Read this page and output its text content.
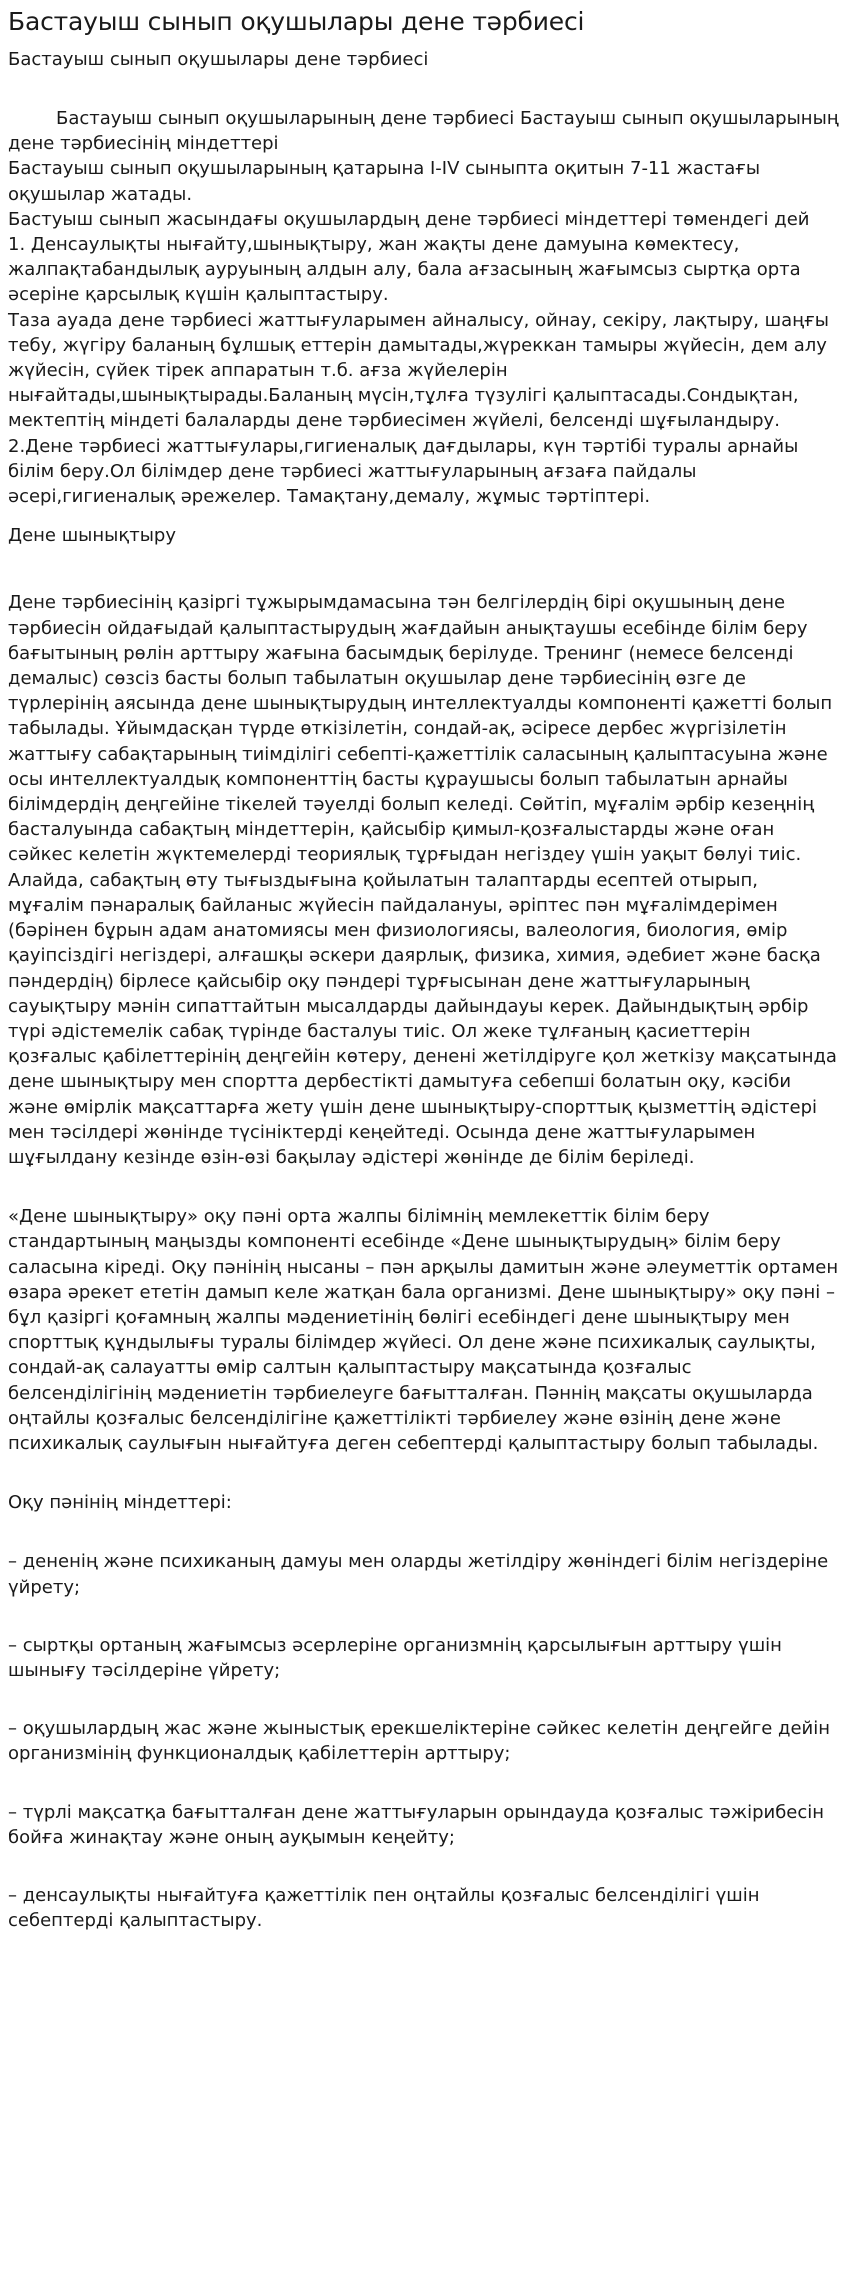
Бастауыш сынып оқушылары дене тәрбиесі
Бастауыш сынып оқушылары дене тәрбиесі

Бастауыш сынып оқушыларының дене тәрбиесі Бастауыш сынып оқушыларының дене тәрбиесінің міндеттері

Бастауыш сынып оқушыларының қатарына I-IV сыныпта оқитын 7-11 жастағы оқушылар жатады.
Бастуыш сынып жасындағы оқушылардың дене тәрбиесі міндеттері төмендегі дей
1. Денсаулықты нығайту,шынықтыру, жан жақты дене дамуына көмектесу, жалпақтабандылық ауруының алдын алу, бала ағзасының жағымсыз сыртқа орта әсеріне қарсылық күшін қалыптастыру.
Таза ауада дене тәрбиесі жаттығуларымен айналысу, ойнау, секіру, лақтыру, шаңғы тебу, жүгіру баланың бұлшық еттерін дамытады,жүреккан тамыры жүйесін, дем алу жүйесін, сүйек тірек аппаратын т.б. ағза жүйелерін нығайтады,шынықтырады.Баланың мүсін,тұлға түзулігі қалыптасады.Сондықтан, мектептің міндеті балаларды дене тәрбиесімен жүйелі, белсенді шұғыландыру.
2.Дене тәрбиесі жаттығулары,гигиеналық дағдылары, күн тәртібі туралы арнайы білім беру.Ол білімдер дене тәрбиесі жаттығуларының ағзаға пайдалы әсері,гигиеналық әрежелер. Тамақтану,демалу, жұмыс тәртіптері.
Дене шынықтыру

Дене тәрбиесінің қазіргі тұжырымдамасына тән белгілердің бірі оқушының дене тәрбиесін ойдағыдай қалыптастырудың жағдайын анықтаушы есебінде білім беру бағытының рөлін арттыру жағына басымдық берілуде. Тренинг (немесе белсенді демалыс) сөзсіз басты болып табылатын оқушылар дене тәрбиесінің өзге де түрлерінің аясында дене шынықтырудың интеллектуалды компоненті қажетті болып табылады. Ұйымдасқан түрде өткізілетін, сондай-ақ, әсіресе дербес жүргізілетін жаттығу сабақтарының тиімділігі себепті-қажеттілік саласының қалыптасуына және осы интеллектуалдық компоненттің басты құраушысы болып табылатын арнайы білімдердің деңгейіне тікелей тәуелді болып келеді. Сөйтіп, мұғалім әрбір кезеңнің басталуында сабақтың міндеттерін, қайсыбір қимыл-қозғалыстарды және оған сәйкес келетін жүктемелерді теориялық тұрғыдан негіздеу үшін уақыт бөлуі тиіс. Алайда, сабақтың өту тығыздығына қойылатын талаптарды есептей отырып, мұғалім пәнаралық байланыс жүйесін пайдалануы, әріптес пән мұғалімдерімен (бәрінен бұрын адам анатомиясы мен физиологиясы, валеология, биология, өмір қауіпсіздігі негіздері, алғашқы әскери даярлық, физика, химия, әдебиет және басқа пәндердің) бірлесе қайсыбір оқу пәндері тұрғысынан дене жаттығуларының сауықтыру мәнін сипаттайтын мысалдарды дайындауы керек. Дайындықтың әрбір түрі әдістемелік сабақ түрінде басталуы тиіс. Ол жеке тұлғаның қасиеттерін қозғалыс қабілеттерінің деңгейін көтеру, денені жетілдіруге қол жеткізу мақсатында дене шынықтыру мен спортта дербестікті дамытуға себепші болатын оқу, кәсіби және өмірлік мақсаттарға жету үшін дене шынықтыру-спорттық қызметтің әдістері мен тәсілдері жөнінде түсініктерді кеңейтеді. Осында дене жаттығуларымен шұғылдану кезінде өзін-өзі бақылау әдістері жөнінде де білім беріледі.

«Дене шынықтыру» оқу пәні орта жалпы білімнің мемлекеттік білім беру стандартының маңызды компоненті есебінде «Дене шынықтырудың» білім беру саласына кіреді. Оқу пәнінің нысаны – пән арқылы дамитын және әлеуметтік ортамен өзара әрекет ететін дамып келе жатқан бала организмі. Дене шынықтыру» оқу пәні –бұл қазіргі қоғамның жалпы мәдениетінің бөлігі есебіндегі дене шынықтыру мен спорттық құндылығы туралы білімдер жүйесі. Ол дене және психикалық саулықты, сондай-ақ салауатты өмір салтын қалыптастыру мақсатында қозғалыс белсенділігінің мәдениетін тәрбиелеуге бағытталған. Пәннің мақсаты оқушыларда оңтайлы қозғалыс белсенділігіне қажеттілікті тәрбиелеу және өзінің дене және психикалық саулығын нығайтуға деген себептерді қалыптастыру болып табылады.

Оқу пәнінің міндеттері:

– дененің және психиканың дамуы мен оларды жетілдіру жөніндегі білім негіздеріне үйрету;

– сыртқы ортаның жағымсыз әсерлеріне организмнің қарсылығын арттыру үшін шынығу тәсілдеріне үйрету;

– оқушылардың жас және жыныстық ерекшеліктеріне сәйкес келетін деңгейге дейін организмінің функционалдық қабілеттерін арттыру;

– түрлі мақсатқа бағытталған дене жаттығуларын орындауда қозғалыс тәжірибесін бойға жинақтау және оның ауқымын кеңейту;

– денсаулықты нығайтуға қажеттілік пен оңтайлы қозғалыс белсенділігі үшін себептерді қалыптастыру.
